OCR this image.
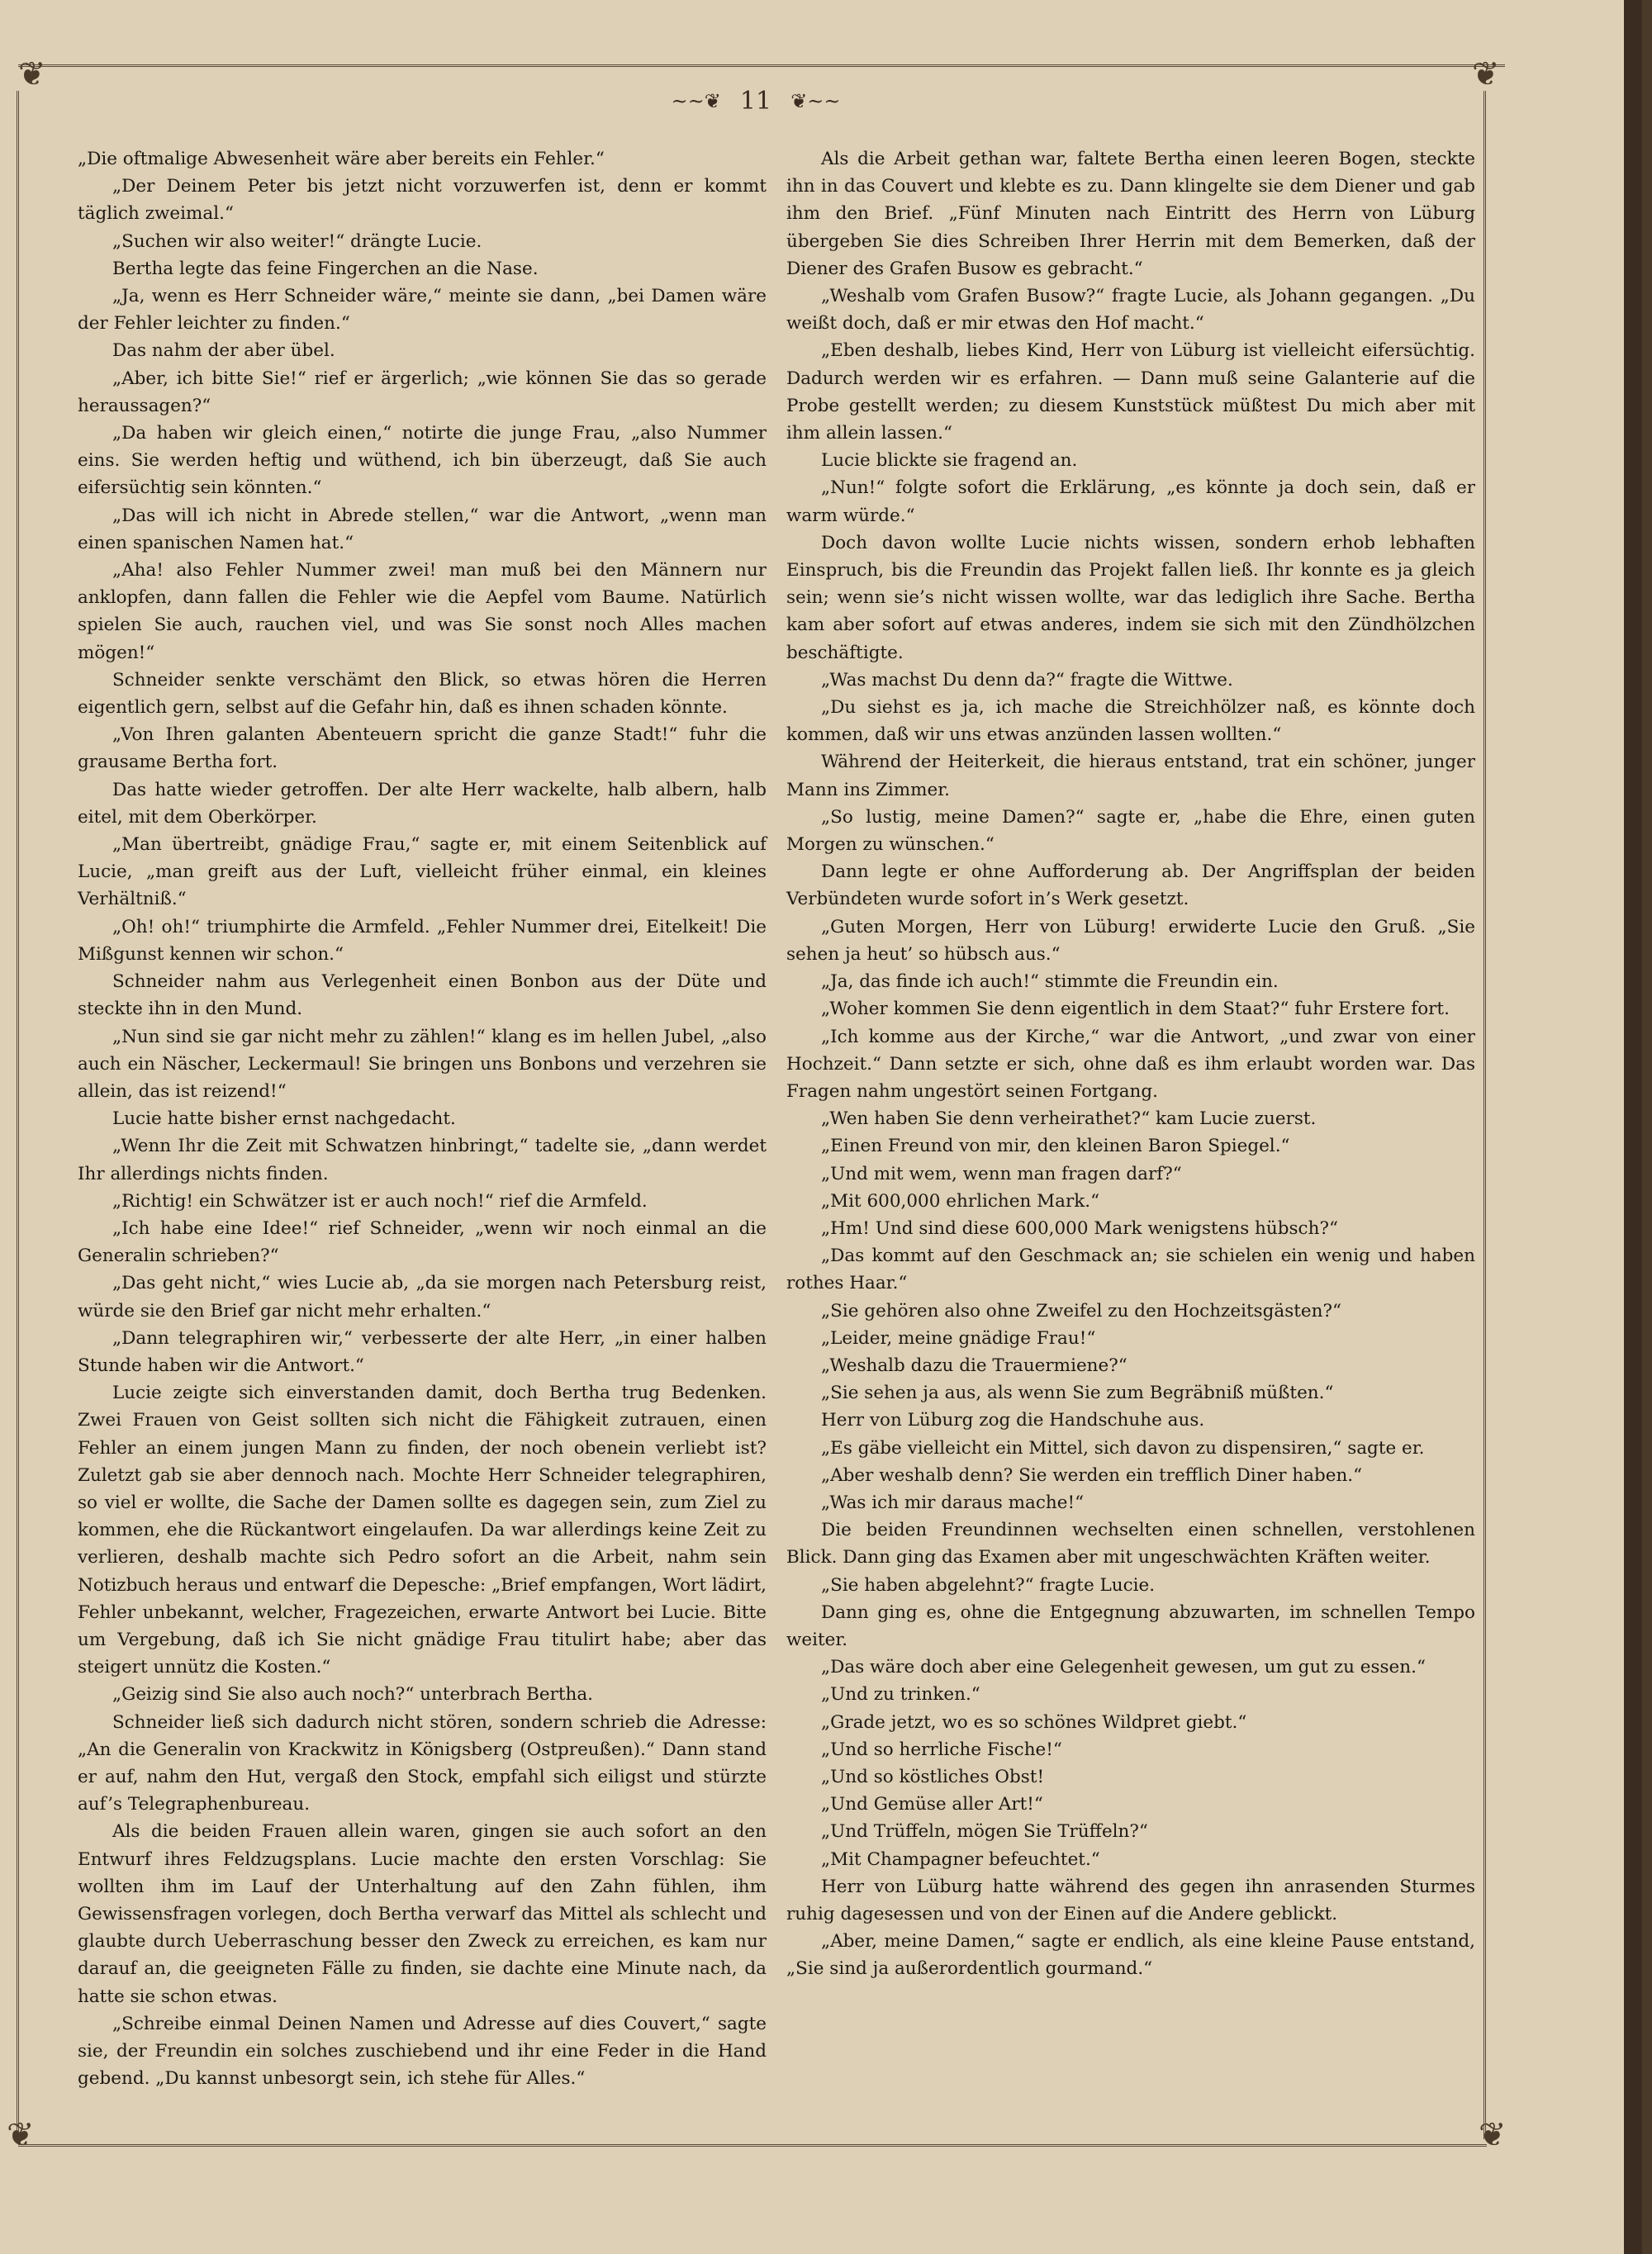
❦	❦
❦	❦
~~❦ 11 ❦~~

„Die oftmalige Abwesenheit wäre aber bereits ein Fehler.“

„Der Deinem Peter bis jetzt nicht vorzuwerfen ist, denn er kommt täglich zweimal.“

„Suchen wir also weiter!“ drängte Lucie.

Bertha legte das feine Fingerchen an die Nase.

„Ja, wenn es Herr Schneider wäre,“ meinte sie dann, „bei Damen wäre der Fehler leichter zu finden.“

Das nahm der aber übel.

„Aber, ich bitte Sie!“ rief er ärgerlich; „wie können Sie das so gerade heraussagen?“

„Da haben wir gleich einen,“ notirte die junge Frau, „also Nummer eins. Sie werden heftig und wüthend, ich bin überzeugt, daß Sie auch eifersüchtig sein könnten.“

„Das will ich nicht in Abrede stellen,“ war die Antwort, „wenn man einen spanischen Namen hat.“

„Aha! also Fehler Nummer zwei! man muß bei den Männern nur anklopfen, dann fallen die Fehler wie die Aepfel vom Baume. Natürlich spielen Sie auch, rauchen viel, und was Sie sonst noch Alles machen mögen!“

Schneider senkte verschämt den Blick, so etwas hören die Herren eigentlich gern, selbst auf die Gefahr hin, daß es ihnen schaden könnte.

„Von Ihren galanten Abenteuern spricht die ganze Stadt!“ fuhr die grausame Bertha fort.

Das hatte wieder getroffen. Der alte Herr wackelte, halb albern, halb eitel, mit dem Oberkörper.

„Man übertreibt, gnädige Frau,“ sagte er, mit einem Seitenblick auf Lucie, „man greift aus der Luft, vielleicht früher einmal, ein kleines Verhältniß.“

„Oh! oh!“ triumphirte die Armfeld. „Fehler Nummer drei, Eitelkeit! Die Mißgunst kennen wir schon.“

Schneider nahm aus Verlegenheit einen Bonbon aus der Düte und steckte ihn in den Mund.

„Nun sind sie gar nicht mehr zu zählen!“ klang es im hellen Jubel, „also auch ein Näscher, Leckermaul! Sie bringen uns Bonbons und verzehren sie allein, das ist reizend!“

Lucie hatte bisher ernst nachgedacht.

„Wenn Ihr die Zeit mit Schwatzen hinbringt,“ tadelte sie, „dann werdet Ihr allerdings nichts finden.

„Richtig! ein Schwätzer ist er auch noch!“ rief die Armfeld.

„Ich habe eine Idee!“ rief Schneider, „wenn wir noch einmal an die Generalin schrieben?“

„Das geht nicht,“ wies Lucie ab, „da sie morgen nach Petersburg reist, würde sie den Brief gar nicht mehr erhalten.“

„Dann telegraphiren wir,“ verbesserte der alte Herr, „in einer halben Stunde haben wir die Antwort.“

Lucie zeigte sich einverstanden damit, doch Bertha trug Bedenken. Zwei Frauen von Geist sollten sich nicht die Fähigkeit zutrauen, einen Fehler an einem jungen Mann zu finden, der noch obenein verliebt ist? Zuletzt gab sie aber dennoch nach. Mochte Herr Schneider telegraphiren, so viel er wollte, die Sache der Damen sollte es dagegen sein, zum Ziel zu kommen, ehe die Rückantwort eingelaufen. Da war allerdings keine Zeit zu verlieren, deshalb machte sich Pedro sofort an die Arbeit, nahm sein Notizbuch heraus und entwarf die Depesche: „Brief empfangen, Wort lädirt, Fehler unbekannt, welcher, Fragezeichen, erwarte Antwort bei Lucie. Bitte um Vergebung, daß ich Sie nicht gnädige Frau titulirt habe; aber das steigert unnütz die Kosten.“

„Geizig sind Sie also auch noch?“ unterbrach Bertha.

Schneider ließ sich dadurch nicht stören, sondern schrieb die Adresse: „An die Generalin von Krackwitz in Königsberg (Ostpreußen).“ Dann stand er auf, nahm den Hut, vergaß den Stock, empfahl sich eiligst und stürzte auf’s Telegraphenbureau.

Als die beiden Frauen allein waren, gingen sie auch sofort an den Entwurf ihres Feldzugsplans. Lucie machte den ersten Vorschlag: Sie wollten ihm im Lauf der Unterhaltung auf den Zahn fühlen, ihm Gewissensfragen vorlegen, doch Bertha verwarf das Mittel als schlecht und glaubte durch Ueberraschung besser den Zweck zu erreichen, es kam nur darauf an, die geeigneten Fälle zu finden, sie dachte eine Minute nach, da hatte sie schon etwas.

„Schreibe einmal Deinen Namen und Adresse auf dies Couvert,“ sagte sie, der Freundin ein solches zuschiebend und ihr eine Feder in die Hand gebend. „Du kannst unbesorgt sein, ich stehe für Alles.“

Als die Arbeit gethan war, faltete Bertha einen leeren Bogen, steckte ihn in das Couvert und klebte es zu. Dann klingelte sie dem Diener und gab ihm den Brief. „Fünf Minuten nach Eintritt des Herrn von Lüburg übergeben Sie dies Schreiben Ihrer Herrin mit dem Bemerken, daß der Diener des Grafen Busow es gebracht.“

„Weshalb vom Grafen Busow?“ fragte Lucie, als Johann gegangen. „Du weißt doch, daß er mir etwas den Hof macht.“

„Eben deshalb, liebes Kind, Herr von Lüburg ist vielleicht eifersüchtig. Dadurch werden wir es erfahren. — Dann muß seine Galanterie auf die Probe gestellt werden; zu diesem Kunststück müßtest Du mich aber mit ihm allein lassen.“

Lucie blickte sie fragend an.

„Nun!“ folgte sofort die Erklärung, „es könnte ja doch sein, daß er warm würde.“

Doch davon wollte Lucie nichts wissen, sondern erhob lebhaften Einspruch, bis die Freundin das Projekt fallen ließ. Ihr konnte es ja gleich sein; wenn sie’s nicht wissen wollte, war das lediglich ihre Sache. Bertha kam aber sofort auf etwas anderes, indem sie sich mit den Zündhölzchen beschäftigte.

„Was machst Du denn da?“ fragte die Wittwe.

„Du siehst es ja, ich mache die Streichhölzer naß, es könnte doch kommen, daß wir uns etwas anzünden lassen wollten.“

Während der Heiterkeit, die hieraus entstand, trat ein schöner, junger Mann ins Zimmer.

„So lustig, meine Damen?“ sagte er, „habe die Ehre, einen guten Morgen zu wünschen.“

Dann legte er ohne Aufforderung ab. Der Angriffsplan der beiden Verbündeten wurde sofort in’s Werk gesetzt.

„Guten Morgen, Herr von Lüburg! erwiderte Lucie den Gruß. „Sie sehen ja heut’ so hübsch aus.“

„Ja, das finde ich auch!“ stimmte die Freundin ein.

„Woher kommen Sie denn eigentlich in dem Staat?“ fuhr Erstere fort.

„Ich komme aus der Kirche,“ war die Antwort, „und zwar von einer Hochzeit.“ Dann setzte er sich, ohne daß es ihm erlaubt worden war. Das Fragen nahm ungestört seinen Fortgang.

„Wen haben Sie denn verheirathet?“ kam Lucie zuerst.

„Einen Freund von mir, den kleinen Baron Spiegel.“

„Und mit wem, wenn man fragen darf?“

„Mit 600,000 ehrlichen Mark.“

„Hm! Und sind diese 600,000 Mark wenigstens hübsch?“

„Das kommt auf den Geschmack an; sie schielen ein wenig und haben rothes Haar.“

„Sie gehören also ohne Zweifel zu den Hochzeitsgästen?“

„Leider, meine gnädige Frau!“

„Weshalb dazu die Trauermiene?“

„Sie sehen ja aus, als wenn Sie zum Begräbniß müßten.“

Herr von Lüburg zog die Handschuhe aus.

„Es gäbe vielleicht ein Mittel, sich davon zu dispensiren,“ sagte er.

„Aber weshalb denn? Sie werden ein trefflich Diner haben.“

„Was ich mir daraus mache!“

Die beiden Freundinnen wechselten einen schnellen, verstohlenen Blick. Dann ging das Examen aber mit ungeschwächten Kräften weiter.

„Sie haben abgelehnt?“ fragte Lucie.

Dann ging es, ohne die Entgegnung abzuwarten, im schnellen Tempo weiter.

„Das wäre doch aber eine Gelegenheit gewesen, um gut zu essen.“

„Und zu trinken.“

„Grade jetzt, wo es so schönes Wildpret giebt.“

„Und so herrliche Fische!“

„Und so köstliches Obst!

„Und Gemüse aller Art!“

„Und Trüffeln, mögen Sie Trüffeln?“

„Mit Champagner befeuchtet.“

Herr von Lüburg hatte während des gegen ihn anrasenden Sturmes ruhig dagesessen und von der Einen auf die Andere geblickt.

„Aber, meine Damen,“ sagte er endlich, als eine kleine Pause entstand, „Sie sind ja außerordentlich gourmand.“
